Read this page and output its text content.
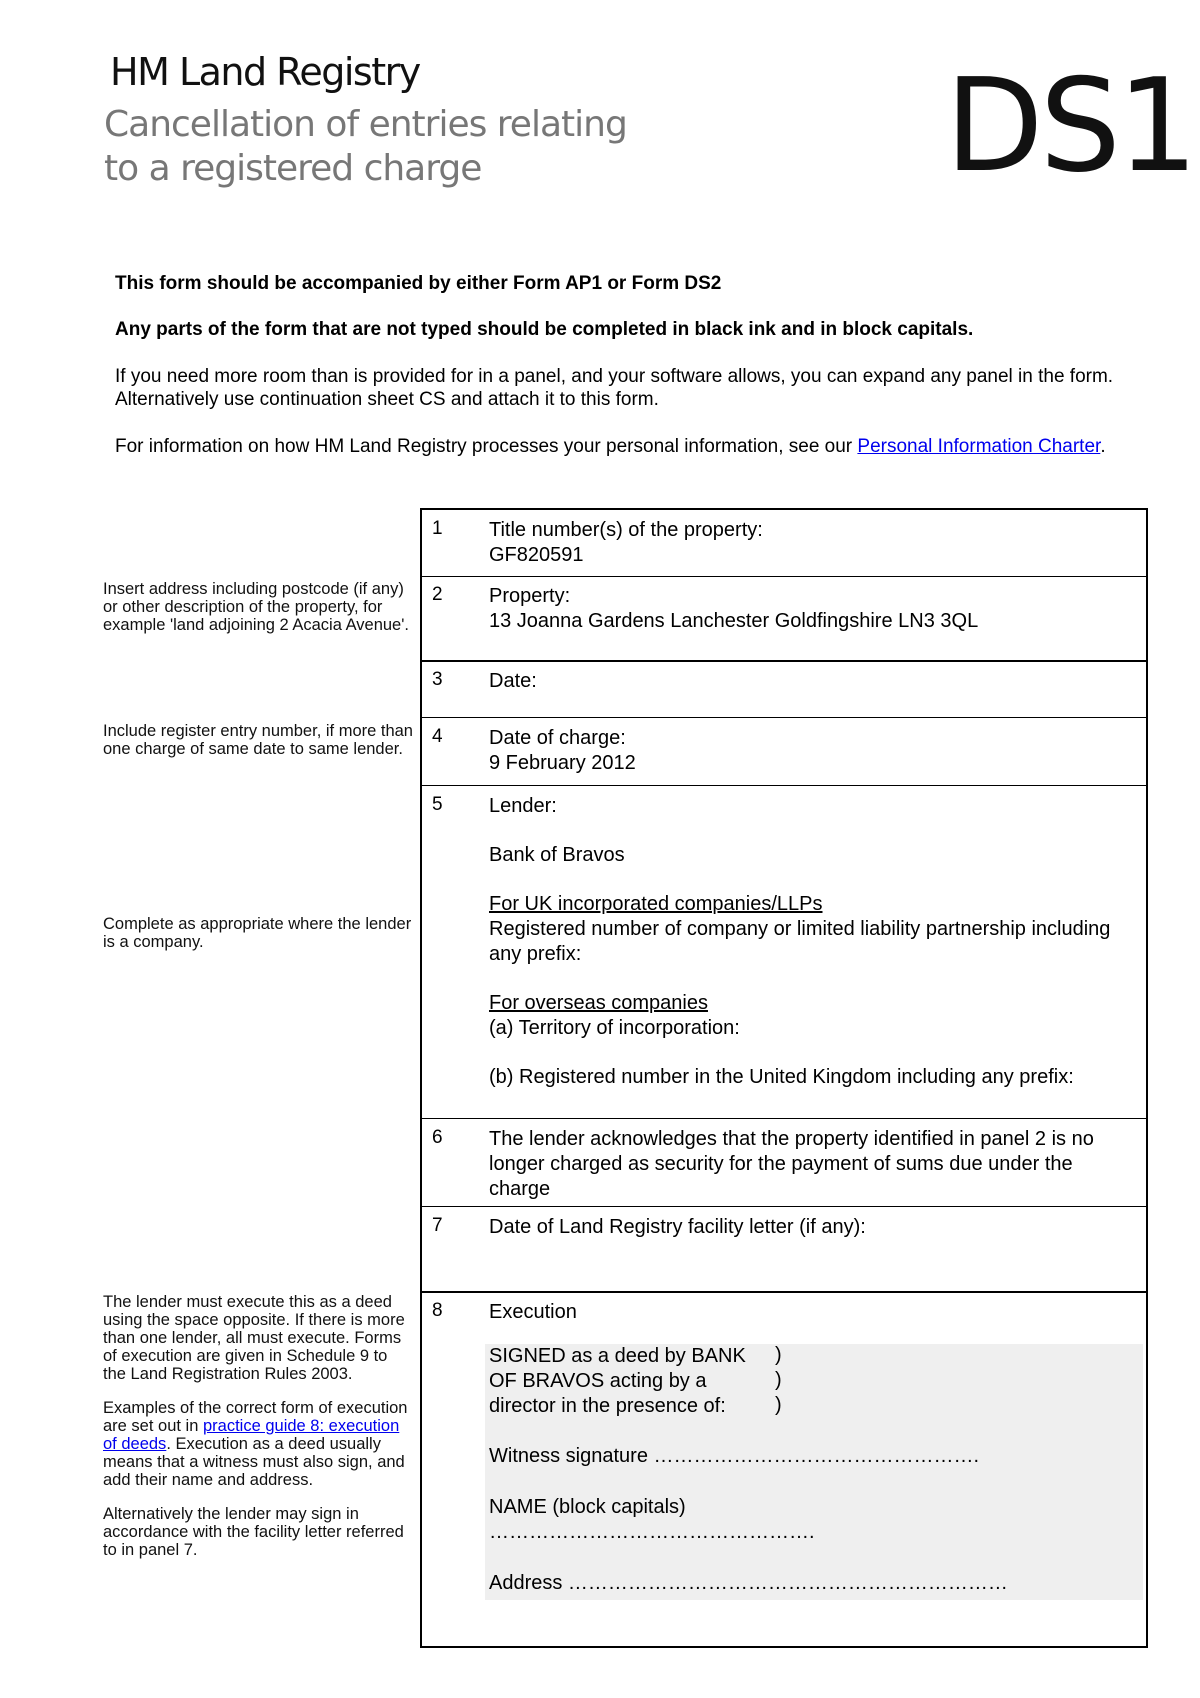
HM Land Registry
Cancellation of entries relating
to a registered charge	DS1
This form should be accompanied by either Form AP1 or Form DS2
Any parts of the form that are not typed should be completed in black ink and in block capitals.
If you need more room than is provided for in a panel, and your software allows, you can expand any panel in the form. Alternatively use continuation sheet CS and attach it to this form.
For information on how HM Land Registry processes your personal information, see our Personal Information Charter.
Insert address including postcode (if any) or other description of the property, for example 'land adjoining 2 Acacia Avenue'.
Include register entry number, if more than one charge of same date to same lender.
Complete as appropriate where the lender is a company.

The lender must execute this as a deed using the space opposite. If there is more than one lender, all must execute. Forms of execution are given in Schedule 9 to the Land Registration Rules 2003.

Examples of the correct form of execution are set out in practice guide 8: execution of deeds. Execution as a deed usually means that a witness must also sign, and add their name and address.

Alternatively the lender may sign in accordance with the facility letter referred to in panel 7.

1	Title number(s) of the property:
GF820591
2	Property:
13 Joanna Gardens Lanchester Goldfingshire LN3 3QL
3	Date:
4	Date of charge:
9 February 2012
5	Lender:
Bank of Bravos
For UK incorporated companies/LLPs
Registered number of company or limited liability partnership including any prefix:
For overseas companies
(a) Territory of incorporation:
(b) Registered number in the United Kingdom including any prefix:
6	The lender acknowledges that the property identified in panel 2 is no longer charged as security for the payment of sums due under the charge
7	Date of Land Registry facility letter (if any):
8	Execution
SIGNED as a deed by BANK
OF BRAVOS acting by a
director in the presence of:
)
)
)
Witness signature ………………………………………….
NAME (block capitals)
………………………………………….
Address …………………………………………………………
